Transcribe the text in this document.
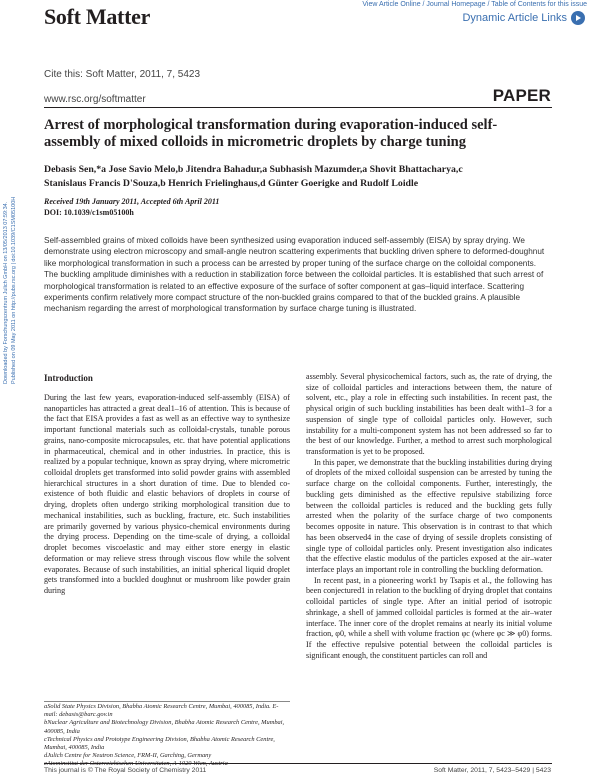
Soft Matter	View Article Online / Journal Homepage / Table of Contents for this issue
Dynamic Article Links
Cite this: Soft Matter, 2011, 7, 5423
www.rsc.org/softmatter	PAPER
Downloaded by Forschungszentrum Julich GmbH on 13/05/2013 07:59:34. Published on 09 May 2011 on http://pubs.rsc.org | doi:10.1039/C1SM05100H
Arrest of morphological transformation during evaporation-induced self-assembly of mixed colloids in micrometric droplets by charge tuning
Debasis Sen,*a Jose Savio Melo,b Jitendra Bahadur,a Subhasish Mazumder,a Shovit Bhattacharya,c
Stanislaus Francis D'Souza,b Henrich Frielinghaus,d Günter Goerigke and Rudolf Loidle
Received 19th January 2011, Accepted 6th April 2011
DOI: 10.1039/c1sm05100h
Self-assembled grains of mixed colloids have been synthesized using evaporation induced self-assembly (EISA) by spray drying. We demonstrate using electron microscopy and small-angle neutron scattering experiments that buckling driven sphere to deformed-doughnut like morphological transformation in such a process can be arrested by proper tuning of the surface charge on the colloidal components. The buckling amplitude diminishes with a reduction in stabilization force between the colloidal particles. It is established that such arrest of morphological transformation is related to an effective exposure of the surface of softer component at gas–liquid interface. Scattering experiments confirm relatively more compact structure of the non-buckled grains compared to that of the buckled grains. A plausible mechanism regarding the arrest of morphological transformation by surface charge tuning is illustrated.
Introduction

During the last few years, evaporation-induced self-assembly (EISA) of nanoparticles has attracted a great deal1–16 of attention. This is because of the fact that EISA provides a fast as well as an effective way to synthesize important functional materials such as colloidal-crystals, tunable porous grains, nano-composite microcapsules, etc. that have potential applications in pharmaceutical, chemical and in other industries. In practice, this is realized by a popular technique, known as spray drying, where micrometric colloidal droplets get transformed into solid powder grains with assembled hierarchical structures in a short duration of time. Due to blended co-existence of both fluidic and elastic behaviors of droplets in course of drying, droplets often undergo striking morphological transition due to mechanical instabilities, such as buckling, fracture, etc. Such instabilities are primarily governed by various physico-chemical environments during the drying process. Depending on the time-scale of drying, a colloidal droplet becomes viscoelastic and may either store energy in elastic deformation or may relieve stress through viscous flow while the solvent evaporates. Because of such instabilities, an initial spherical liquid droplet gets transformed into a buckled doughnut or mushroom like powder grain during

assembly. Several physicochemical factors, such as, the rate of drying, the size of colloidal particles and interactions between them, the nature of solvent, etc., play a role in effecting such instabilities. In recent past, the physical origin of such buckling instabilities has been dealt with1–3 for a suspension of single type of colloidal particles only. However, such instability for a multi-component system has not been addressed so far to the best of our knowledge. Further, a method to arrest such morphological transformation is yet to be proposed.

In this paper, we demonstrate that the buckling instabilities during drying of droplets of the mixed colloidal suspension can be arrested by tuning the surface charge on the colloidal components. Further, interestingly, the buckling gets diminished as the effective repulsive stabilizing force between the colloidal particles is reduced and the buckling gets fully arrested when the polarity of the surface charge of two components becomes opposite in nature. This observation is in contrast to that which has been observed4 in the case of drying of sessile droplets consisting of single type of colloidal particles only. Present investigation also indicates that the effective elastic modulus of the particles exposed at the air–water interface plays an important role in controlling the buckling deformation.

In recent past, in a pioneering work1 by Tsapis et al., the following has been conjectured1 in relation to the buckling of drying droplet that contains colloidal particles of single type. After an initial period of isotropic shrinkage, a shell of jammed colloidal particles is formed at the air–water interface. The inner core of the droplet remains at nearly its initial volume fraction, φ0, while a shell with volume fraction φc (where φc ≫ φ0) forms. If the effective repulsive potential between the colloidal particles is significant enough, the constituent particles can roll and

aSolid State Physics Division, Bhabha Atomic Research Centre, Mumbai, 400085, India. E-mail: debasis@barc.gov.in
bNuclear Agriculture and Biotechnology Division, Bhabha Atomic Research Centre, Mumbai, 400085, India
cTechnical Physics and Prototype Engineering Division, Bhabha Atomic Research Centre, Mumbai, 400085, India
dJulich Centre for Neutron Science, FRM-II, Garching, Germany
eAtominstitut der Osterreichischen Universitaten, A-1020 Wien, Austria
This journal is © The Royal Society of Chemistry 2011	Soft Matter, 2011, 7, 5423–5429 | 5423
